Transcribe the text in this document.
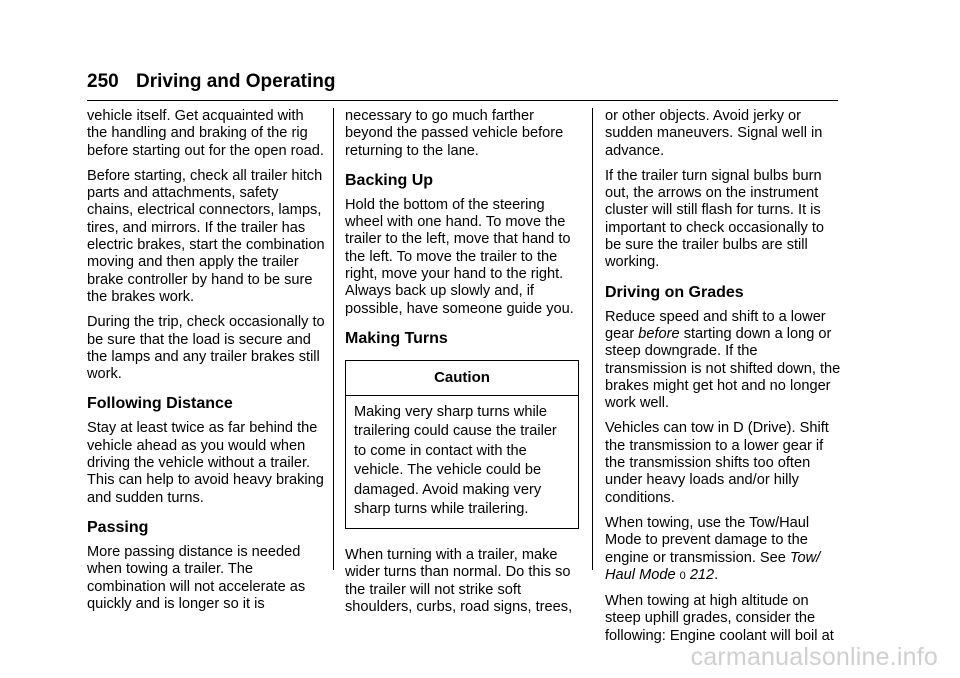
250 Driving and Operating

vehicle itself. Get acquainted with the handling and braking of the rig before starting out for the open road.

Before starting, check all trailer hitch parts and attachments, safety chains, electrical connectors, lamps, tires, and mirrors. If the trailer has electric brakes, start the combination moving and then apply the trailer brake controller by hand to be sure the brakes work.

During the trip, check occasionally to be sure that the load is secure and the lamps and any trailer brakes still work.

Following Distance

Stay at least twice as far behind the vehicle ahead as you would when driving the vehicle without a trailer. This can help to avoid heavy braking and sudden turns.

Passing

More passing distance is needed when towing a trailer. The combination will not accelerate as quickly and is longer so it is

necessary to go much farther beyond the passed vehicle before returning to the lane.

Backing Up

Hold the bottom of the steering wheel with one hand. To move the trailer to the left, move that hand to the left. To move the trailer to the right, move your hand to the right. Always back up slowly and, if possible, have someone guide you.

Making Turns
Caution
Making very sharp turns while trailering could cause the trailer to come in contact with the vehicle. The vehicle could be damaged. Avoid making very sharp turns while trailering.

When turning with a trailer, make wider turns than normal. Do this so the trailer will not strike soft shoulders, curbs, road signs, trees,

or other objects. Avoid jerky or sudden maneuvers. Signal well in advance.

If the trailer turn signal bulbs burn out, the arrows on the instrument cluster will still flash for turns. It is important to check occasionally to be sure the trailer bulbs are still working.

Driving on Grades

Reduce speed and shift to a lower gear before starting down a long or steep downgrade. If the transmission is not shifted down, the brakes might get hot and no longer work well.

Vehicles can tow in D (Drive). Shift the transmission to a lower gear if the transmission shifts too often under heavy loads and/or hilly conditions.

When towing, use the Tow/Haul Mode to prevent damage to the engine or transmission. See Tow/ Haul Mode 0 212.

When towing at high altitude on steep uphill grades, consider the following: Engine coolant will boil at

carmanualsonline.info
